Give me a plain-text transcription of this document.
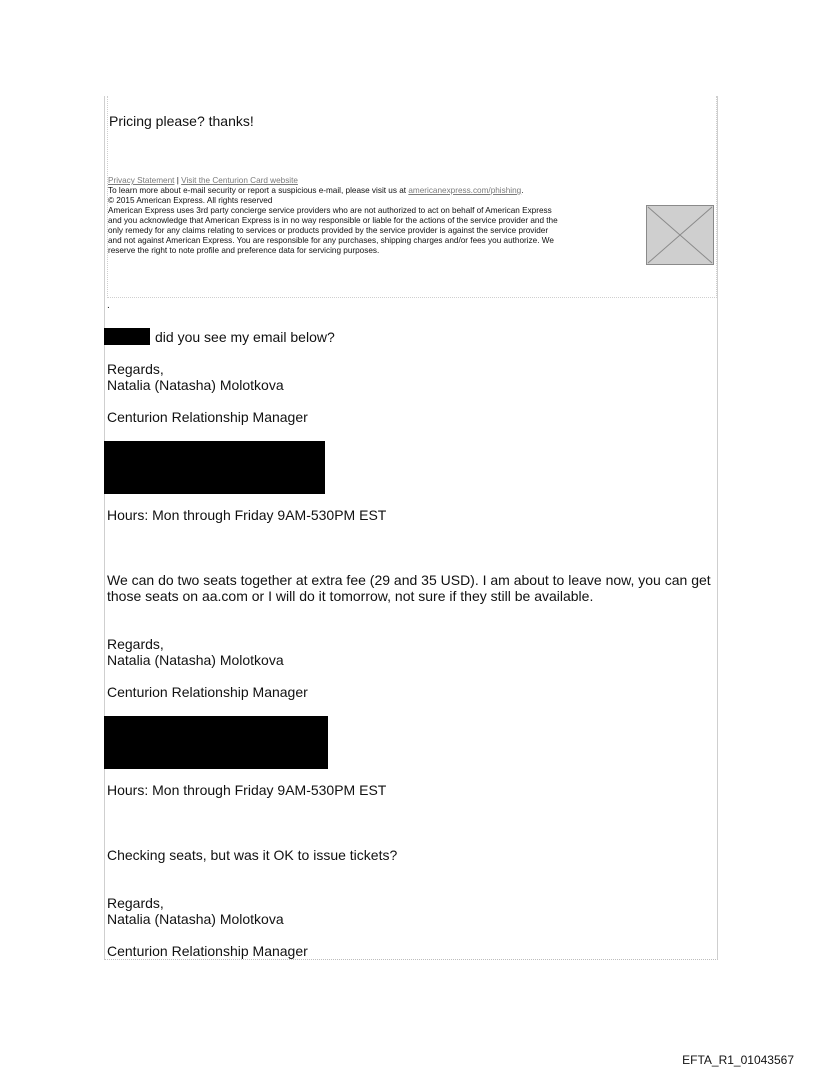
Pricing please? thanks!

Privacy Statement | Visit the Centurion Card website
To learn more about e-mail security or report a suspicious e-mail, please visit us at americanexpress.com/phishing.

© 2015 American Express. All rights reserved

American Express uses 3rd party concierge service providers who are not authorized to act on behalf of American Express

and you acknowledge that American Express is in no way responsible or liable for the actions of the service provider and the

only remedy for any claims relating to services or products provided by the service provider is against the service provider

and not against American Express. You are responsible for any purchases, shipping charges and/or fees you authorize. We

reserve the right to note profile and preference data for servicing purposes.

.

did you see my email below?

Regards,

Natalia (Natasha) Molotkova

Centurion Relationship Manager

Hours: Mon through Friday 9AM-530PM EST

We can do two seats together at extra fee (29 and 35 USD). I am about to leave now, you can get

those seats on aa.com or I will do it tomorrow, not sure if they still be available.

Regards,

Natalia (Natasha) Molotkova

Centurion Relationship Manager

Hours: Mon through Friday 9AM-530PM EST

Checking seats, but was it OK to issue tickets?

Regards,

Natalia (Natasha) Molotkova

Centurion Relationship Manager

EFTA_R1_01043567
